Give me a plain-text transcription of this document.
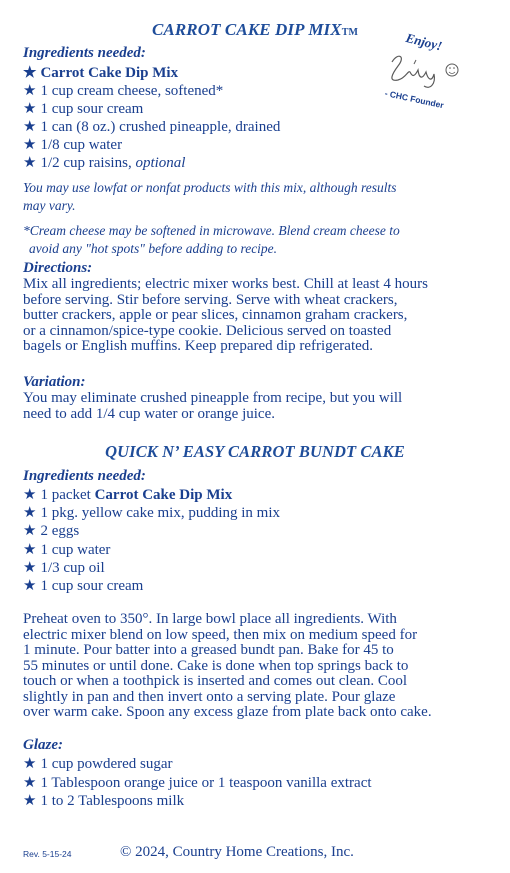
CARROT CAKE DIP MIXTM	Enjoy!
- CHC Founder
Ingredients needed:
★ Carrot Cake Dip Mix
★ 1 cup cream cheese, softened*
★ 1 cup sour cream
★ 1 can (8 oz.) crushed pineapple, drained
★ 1/8 cup water
★ 1/2 cup raisins, optional
You may use lowfat or nonfat products with this mix, although results
may vary.
*Cream cheese may be softened in microwave. Blend cream cheese to
avoid any "hot spots" before adding to recipe.
Directions:
Mix all ingredients; electric mixer works best. Chill at least 4 hours
before serving. Stir before serving. Serve with wheat crackers,
butter crackers, apple or pear slices, cinnamon graham crackers,
or a cinnamon/spice-type cookie. Delicious served on toasted
bagels or English muffins. Keep prepared dip refrigerated.
Variation:
You may eliminate crushed pineapple from recipe, but you will
need to add 1/4 cup water or orange juice.
QUICK N’ EASY CARROT BUNDT CAKE
Ingredients needed:
★ 1 packet Carrot Cake Dip Mix
★ 1 pkg. yellow cake mix, pudding in mix
★ 2 eggs
★ 1 cup water
★ 1/3 cup oil
★ 1 cup sour cream
Preheat oven to 350°. In large bowl place all ingredients. With
electric mixer blend on low speed, then mix on medium speed for
1 minute. Pour batter into a greased bundt pan. Bake for 45 to
55 minutes or until done. Cake is done when top springs back to
touch or when a toothpick is inserted and comes out clean. Cool
slightly in pan and then invert onto a serving plate. Pour glaze
over warm cake. Spoon any excess glaze from plate back onto cake.
Glaze:
★ 1 cup powdered sugar
★ 1 Tablespoon orange juice or 1 teaspoon vanilla extract
★ 1 to 2 Tablespoons milk
Rev. 5-15-24	© 2024, Country Home Creations, Inc.
